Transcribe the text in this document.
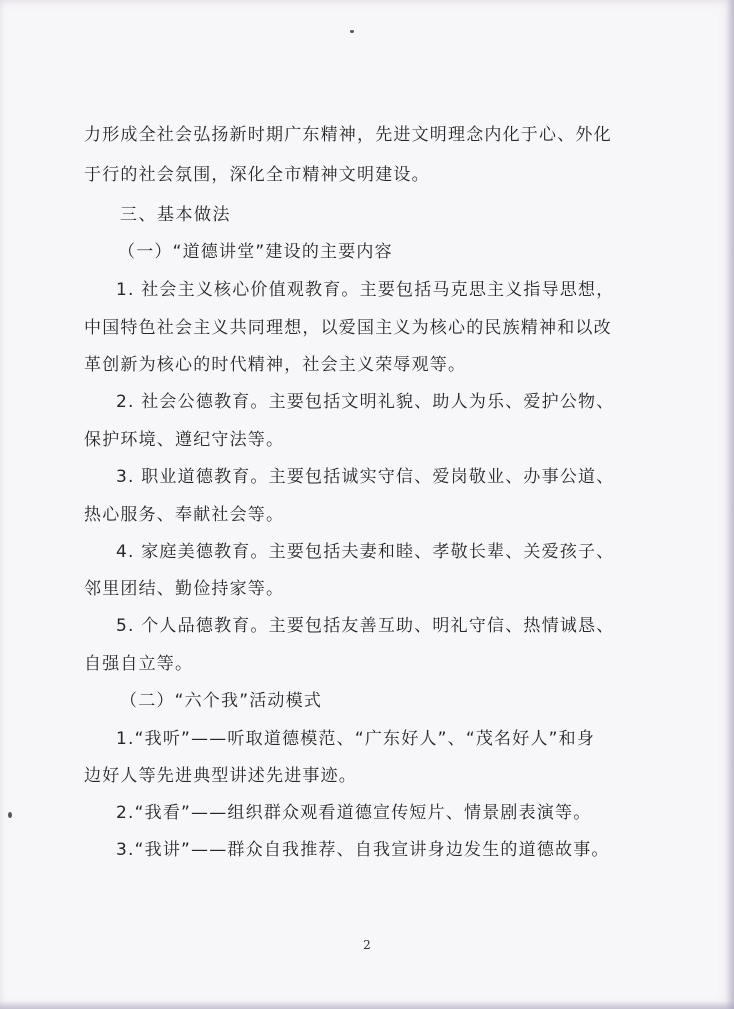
力形成全社会弘扬新时期广东精神，先进文明理念内化于心、外化
于行的社会氛围，深化全市精神文明建设。
三、基本做法
（一）“道德讲堂”建设的主要内容
1. 社会主义核心价值观教育。主要包括马克思主义指导思想，
中国特色社会主义共同理想，以爱国主义为核心的民族精神和以改
革创新为核心的时代精神，社会主义荣辱观等。
2. 社会公德教育。主要包括文明礼貌、助人为乐、爱护公物、
保护环境、遵纪守法等。
3. 职业道德教育。主要包括诚实守信、爱岗敬业、办事公道、
热心服务、奉献社会等。
4. 家庭美德教育。主要包括夫妻和睦、孝敬长辈、关爱孩子、
邻里团结、勤俭持家等。
5. 个人品德教育。主要包括友善互助、明礼守信、热情诚恳、
自强自立等。
（二）“六个我”活动模式
1.“我听”——听取道德模范、“广东好人”、“茂名好人”和身
边好人等先进典型讲述先进事迹。
2.“我看”——组织群众观看道德宣传短片、情景剧表演等。
3.“我讲”——群众自我推荐、自我宣讲身边发生的道德故事。
2
